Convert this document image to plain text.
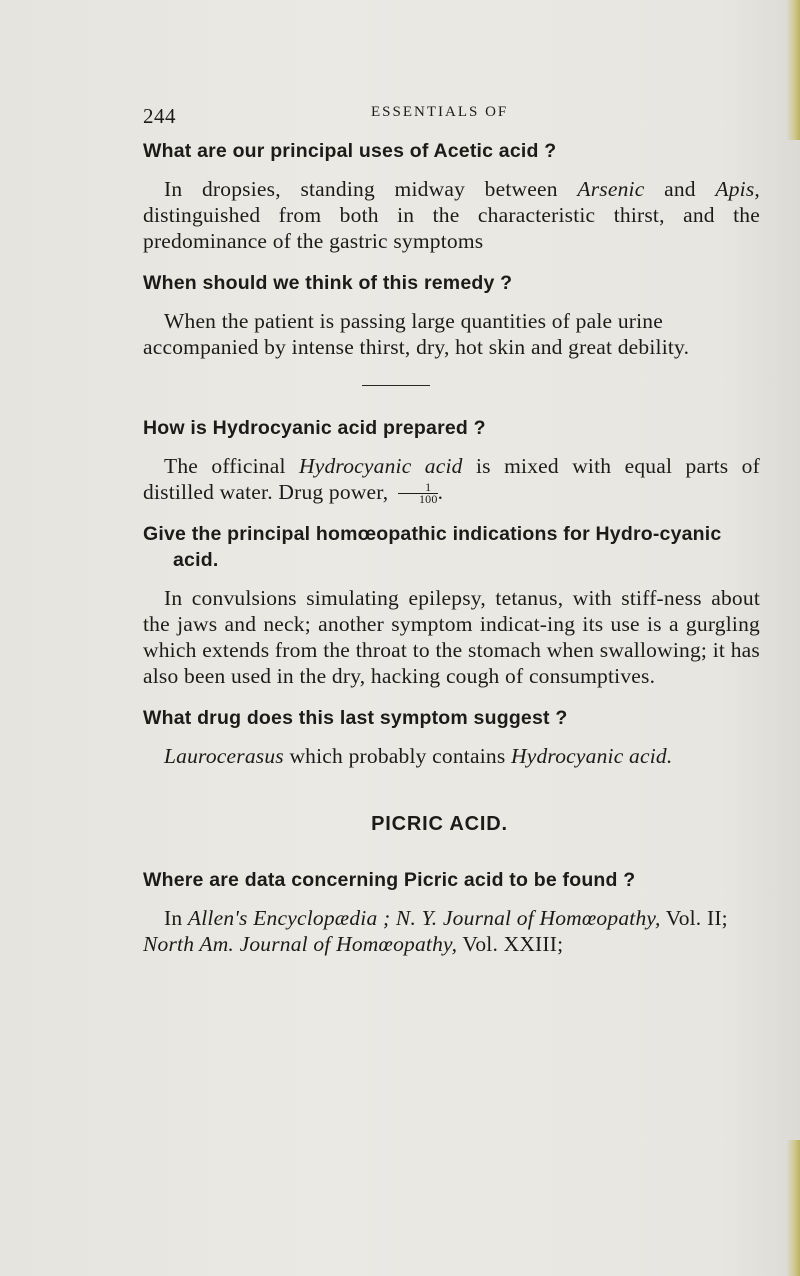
244	ESSENTIALS OF

What are our principal uses of Acetic acid ?

In dropsies, standing midway between Arsenic and Apis, distinguished from both in the characteristic thirst, and the predominance of the gastric symptoms

When should we think of this remedy ?

When the patient is passing large quantities of pale urine accompanied by intense thirst, dry, hot skin and great debility.

How is Hydrocyanic acid prepared ?

The officinal Hydrocyanic acid is mixed with equal parts of distilled water. Drug power, $\frac{1}{100}$ .

Give the principal homœopathic indications for Hydro-cyanic acid.

In convulsions simulating epilepsy, tetanus, with stiff-ness about the jaws and neck; another symptom indicat-ing its use is a gurgling which extends from the throat to the stomach when swallowing; it has also been used in the dry, hacking cough of consumptives.

What drug does this last symptom suggest ?

Laurocerasus which probably contains Hydrocyanic acid.

PICRIC ACID.

Where are data concerning Picric acid to be found ?

In Allen's Encyclopædia ; N. Y. Journal of Homœopathy, Vol. II; North Am. Journal of Homœopathy, Vol. XXIII;
